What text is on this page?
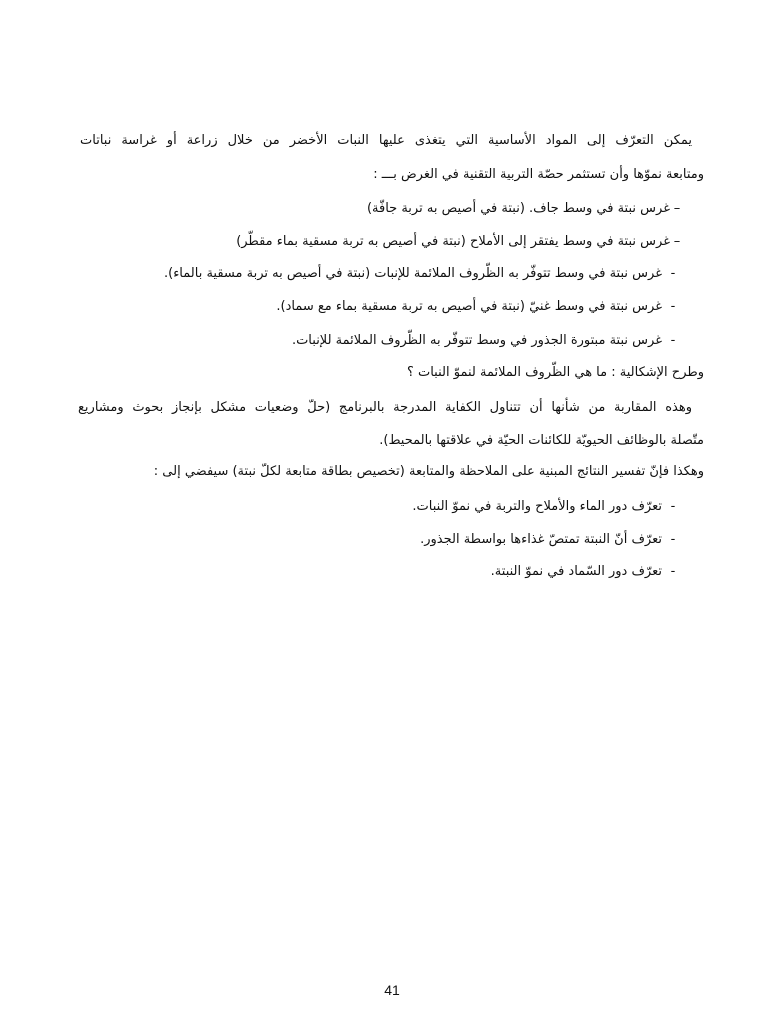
يمكن التعرّف إلى المواد الأساسية التي يتغذى عليها النبات الأخضر من خلال زراعة أو غراسة نباتات
ومتابعة نموّها وأن تستثمر حصّة التربية التقنية في الغرض بـــ :
–
غرس نبتة في وسط جاف. (نبتة في أصيص به تربة جافّة)
–
غرس نبتة في وسط يفتقر إلى الأملاح (نبتة في أصيص به تربة مسقية بماء مقطّر)
-
غرس نبتة في وسط تتوفّر به الظّروف الملائمة للإنبات (نبتة في أصيص به تربة مسقية بالماء).
-
غرس نبتة في وسط غنيّ (نبتة في أصيص به تربة مسقية بماء مع سماد).
-
غرس نبتة مبتورة الجذور في وسط تتوفّر به الظّروف الملائمة للإنبات.
وطرح الإشكالية : ما هي الظّروف الملائمة لنموّ النبات ؟
وهذه المقاربة من شأنها أن تتناول الكفاية المدرجة بالبرنامج (حلّ وضعيات مشكل بإنجاز بحوث ومشاريع
متّصلة بالوظائف الحيويّة للكائنات الحيّة في علاقتها بالمحيط).
وهكذا فإنّ تفسير النتائج المبنية على الملاحظة والمتابعة (تخصيص بطاقة متابعة لكلّ نبتة) سيفضي إلى :
-
تعرّف دور الماء والأملاح والتربة في نموّ النبات.
-
تعرّف أنّ النبتة تمتصّ غذاءها بواسطة الجذور.
-
تعرّف دور السّماد في نموّ النبتة.
41
